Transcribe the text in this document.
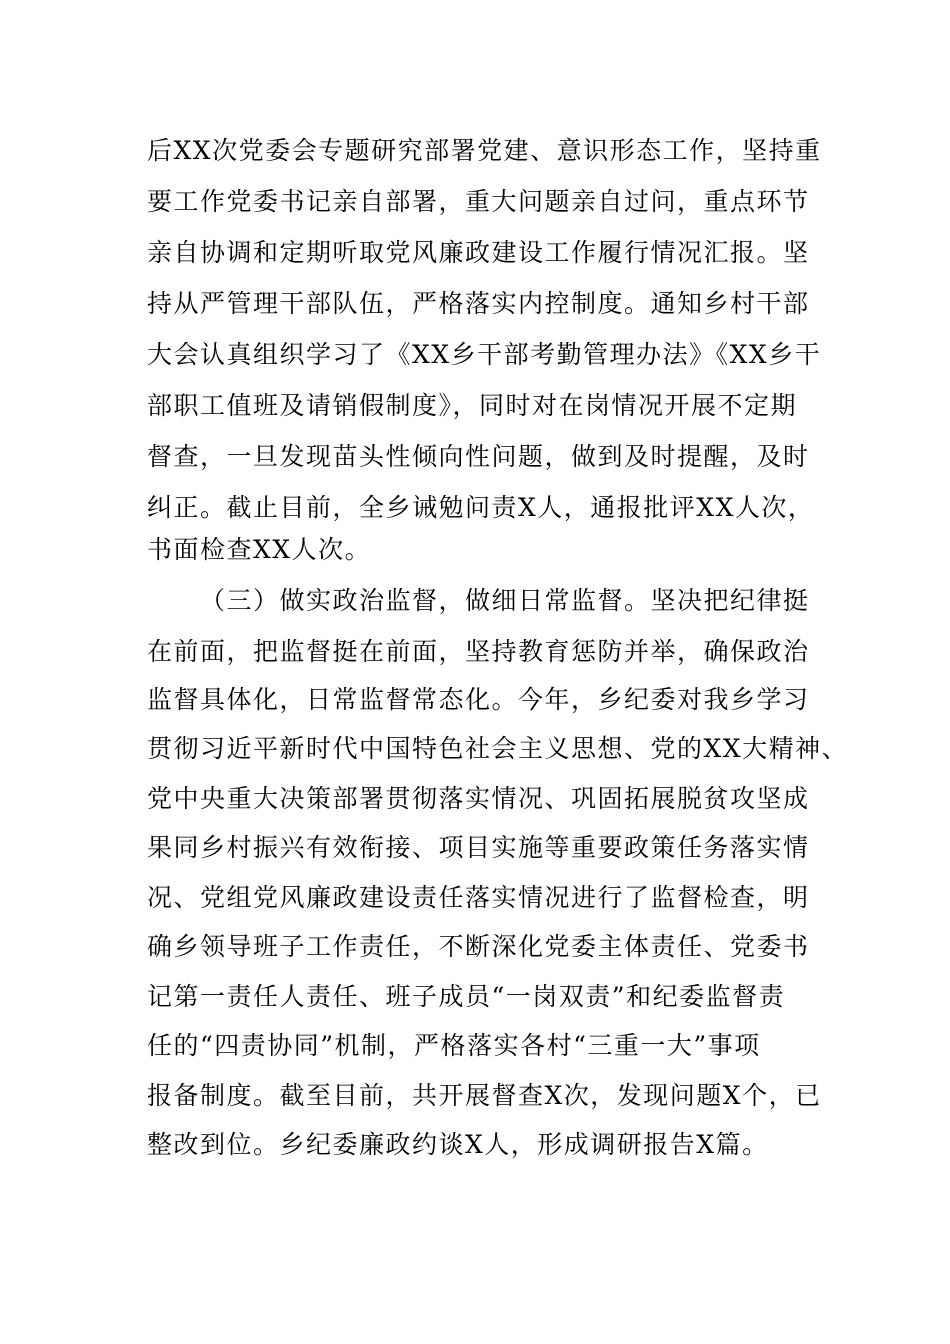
后XX次党委会专题研究部署党建、意识形态工作，坚持重
要工作党委书记亲自部署，重大问题亲自过问，重点环节
亲自协调和定期听取党风廉政建设工作履行情况汇报。坚
持从严管理干部队伍，严格落实内控制度。通知乡村干部
大会认真组织学习了《XX乡干部考勤管理办法》《XX乡干
部职工值班及请销假制度》，同时对在岗情况开展不定期
督查，一旦发现苗头性倾向性问题，做到及时提醒，及时
纠正。截止目前，全乡诫勉问责X人，通报批评XX人次，
书面检查XX人次。
（三）做实政治监督，做细日常监督。坚决把纪律挺
在前面，把监督挺在前面，坚持教育惩防并举，确保政治
监督具体化，日常监督常态化。今年，乡纪委对我乡学习
贯彻习近平新时代中国特色社会主义思想、党的XX大精神、
党中央重大决策部署贯彻落实情况、巩固拓展脱贫攻坚成
果同乡村振兴有效衔接、项目实施等重要政策任务落实情
况、党组党风廉政建设责任落实情况进行了监督检查，明
确乡领导班子工作责任，不断深化党委主体责任、党委书
记第一责任人责任、班子成员“一岗双责”和纪委监督责
任的“四责协同”机制，严格落实各村“三重一大”事项
报备制度。截至目前，共开展督查X次，发现问题X个，已
整改到位。乡纪委廉政约谈X人，形成调研报告X篇。
